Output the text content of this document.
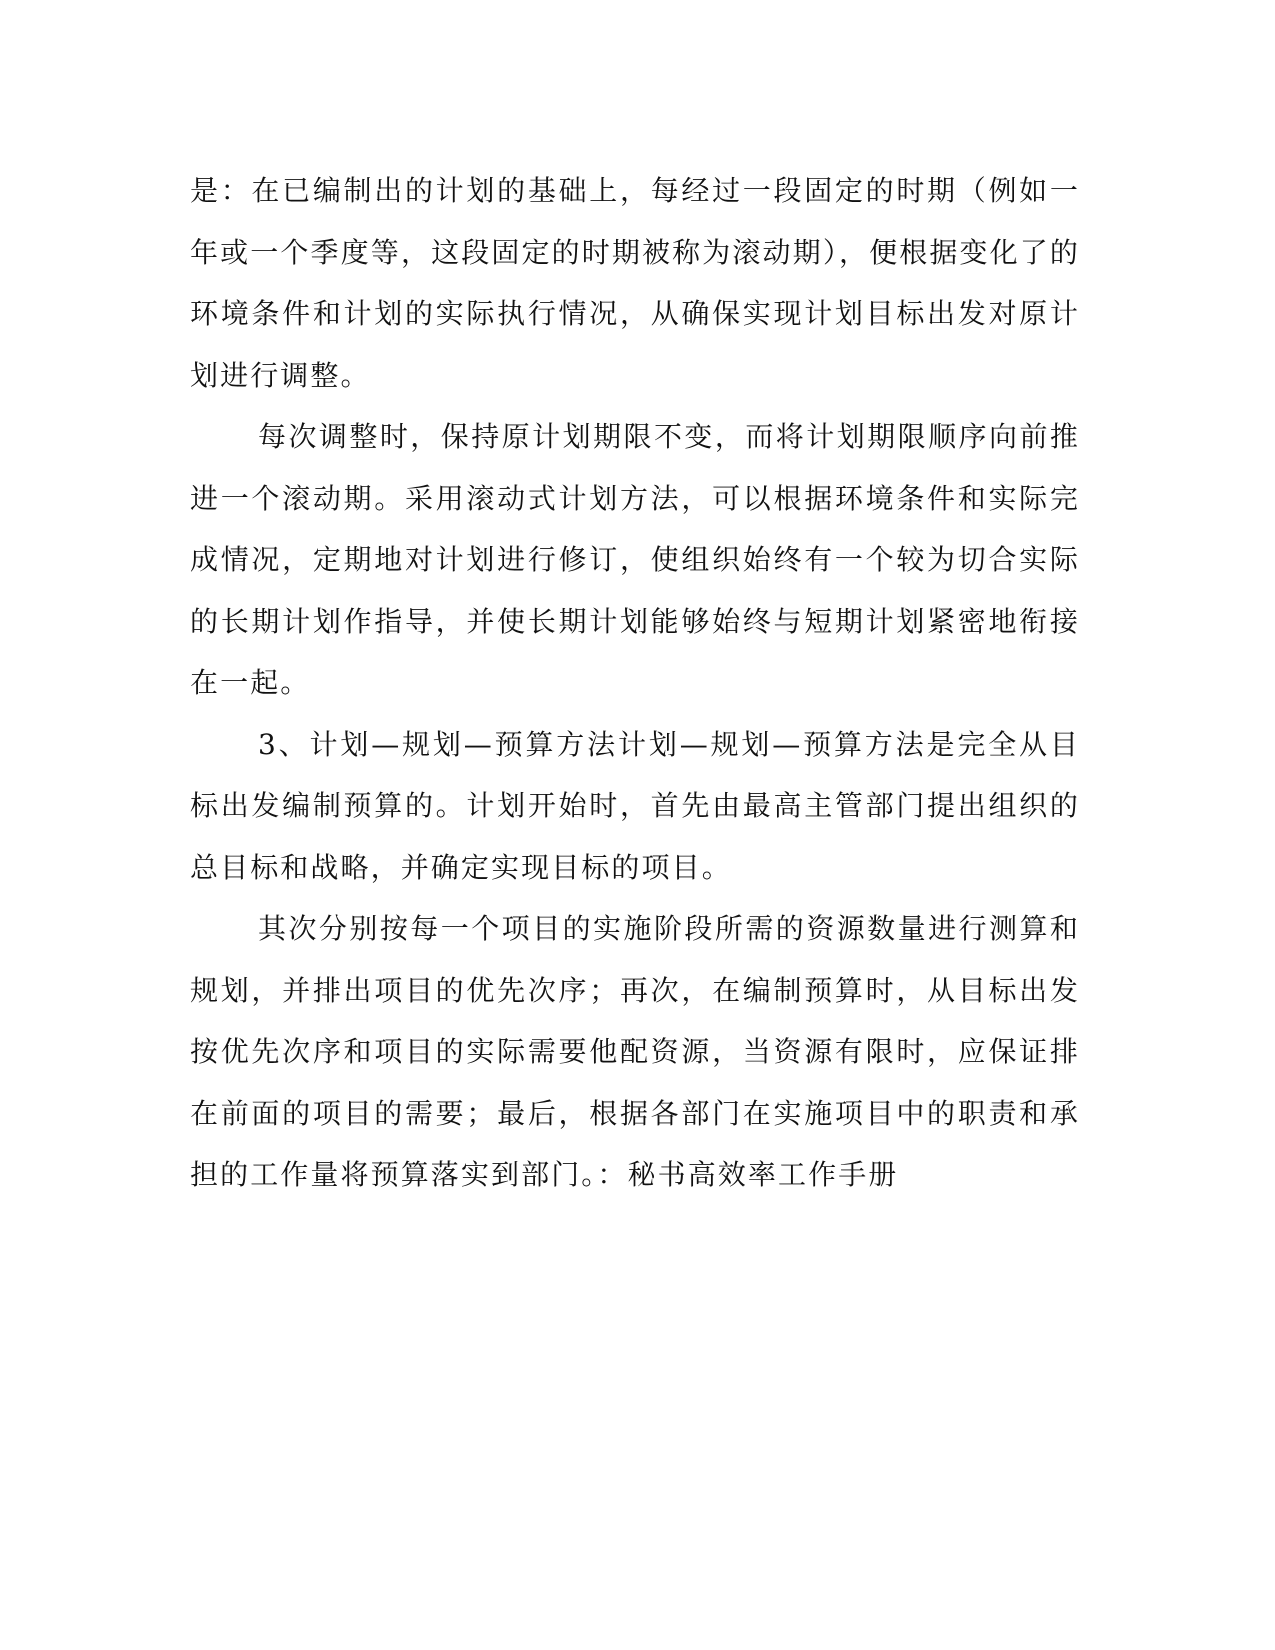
是：在已编制出的计划的基础上，每经过一段固定的时期（例如一年或一个季度等，这段固定的时期被称为滚动期），便根据变化了的环境条件和计划的实际执行情况，从确保实现计划目标出发对原计划进行调整。

每次调整时，保持原计划期限不变，而将计划期限顺序向前推进一个滚动期。采用滚动式计划方法，可以根据环境条件和实际完成情况，定期地对计划进行修订，使组织始终有一个较为切合实际的长期计划作指导，并使长期计划能够始终与短期计划紧密地衔接在一起。

3、计划—规划—预算方法计划—规划—预算方法是完全从目标出发编制预算的。计划开始时，首先由最高主管部门提出组织的总目标和战略，并确定实现目标的项目。

其次分别按每一个项目的实施阶段所需的资源数量进行测算和规划，并排出项目的优先次序；再次，在编制预算时，从目标出发按优先次序和项目的实际需要他配资源，当资源有限时，应保证排在前面的项目的需要；最后，根据各部门在实施项目中的职责和承担的工作量将预算落实到部门。：秘书高效率工作手册
